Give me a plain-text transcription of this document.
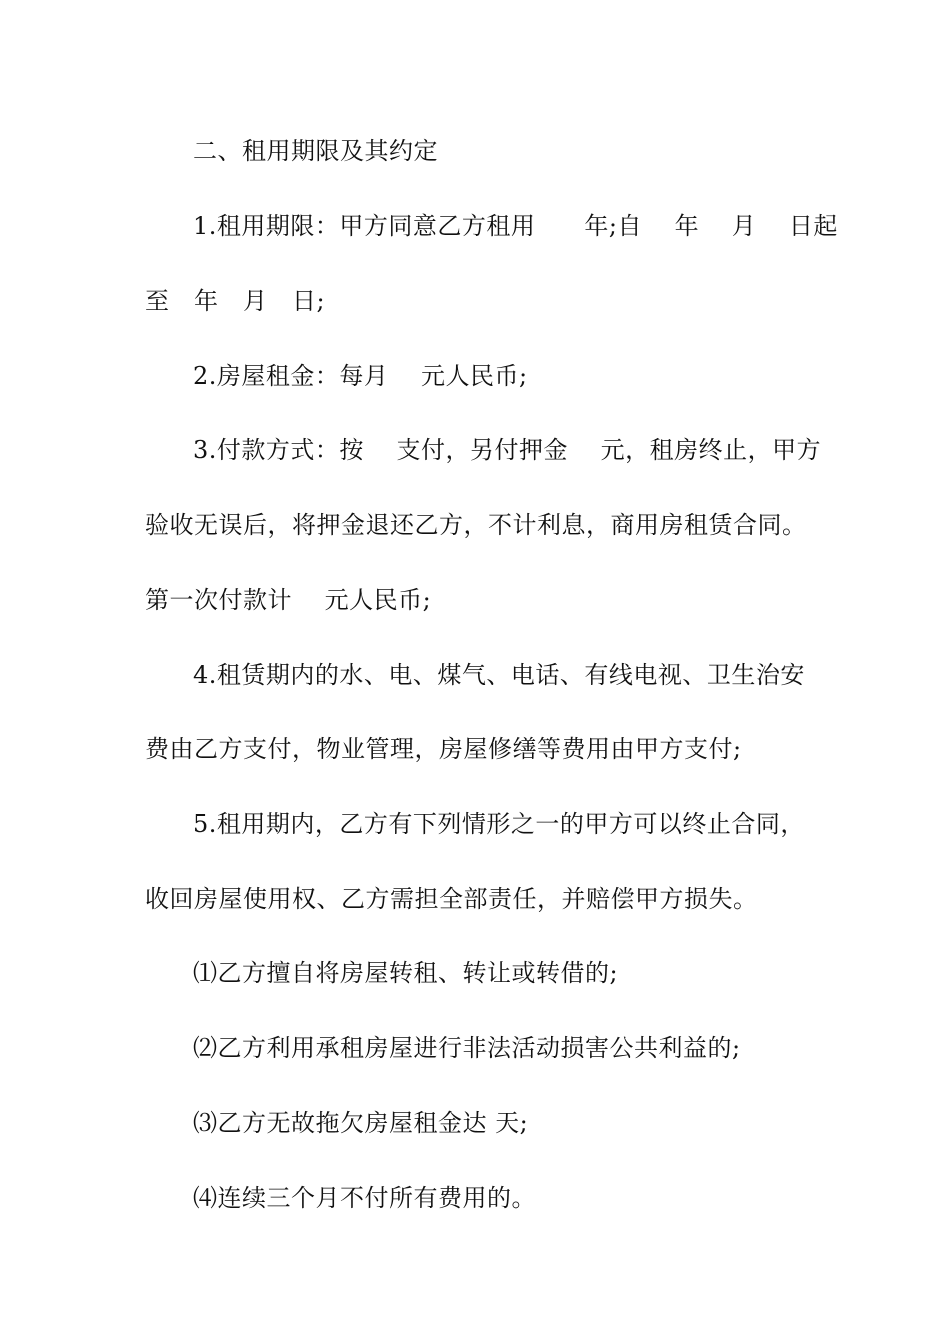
二、租用期限及其约定
1.租用期限：甲方同意乙方租用　　年;自　 年　 月　 日起
至　年　月　日;
2.房屋租金：每月　 元人民币;
3.付款方式：按　 支付，另付押金　 元，租房终止，甲方
验收无误后，将押金退还乙方，不计利息，商用房租赁合同。
第一次付款计　 元人民币;
4.租赁期内的水、电、煤气、电话、有线电视、卫生治安
费由乙方支付，物业管理，房屋修缮等费用由甲方支付;
5.租用期内，乙方有下列情形之一的甲方可以终止合同，
收回房屋使用权、乙方需担全部责任，并赔偿甲方损失。
⑴乙方擅自将房屋转租、转让或转借的;
⑵乙方利用承租房屋进行非法活动损害公共利益的;
⑶乙方无故拖欠房屋租金达 天;
⑷连续三个月不付所有费用的。
